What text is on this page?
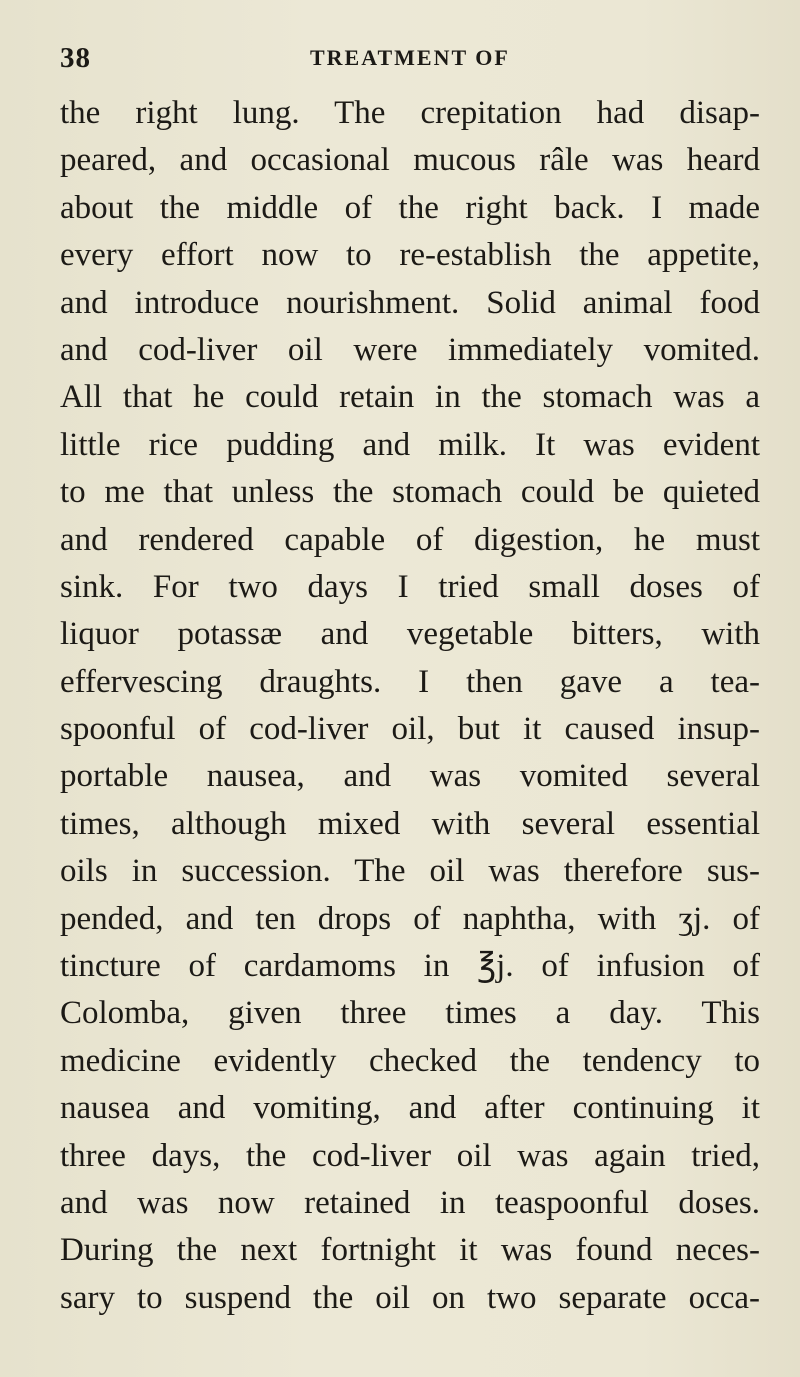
38	TREATMENT OF
the right lung. The crepitation had disap-
peared, and occasional mucous râle was heard
about the middle of the right back. I made
every effort now to re-establish the appetite,
and introduce nourishment. Solid animal food
and cod-liver oil were immediately vomited.
All that he could retain in the stomach was a
little rice pudding and milk. It was evident
to me that unless the stomach could be quieted
and rendered capable of digestion, he must
sink. For two days I tried small doses of
liquor potassæ and vegetable bitters, with
effervescing draughts. I then gave a tea-
spoonful of cod-liver oil, but it caused insup-
portable nausea, and was vomited several
times, although mixed with several essential
oils in succession. The oil was therefore sus-
pended, and ten drops of naphtha, with ʒj. of
tincture of cardamoms in ℥j. of infusion of
Colomba, given three times a day. This
medicine evidently checked the tendency to
nausea and vomiting, and after continuing it
three days, the cod-liver oil was again tried,
and was now retained in teaspoonful doses.
During the next fortnight it was found neces-
sary to suspend the oil on two separate occa-
